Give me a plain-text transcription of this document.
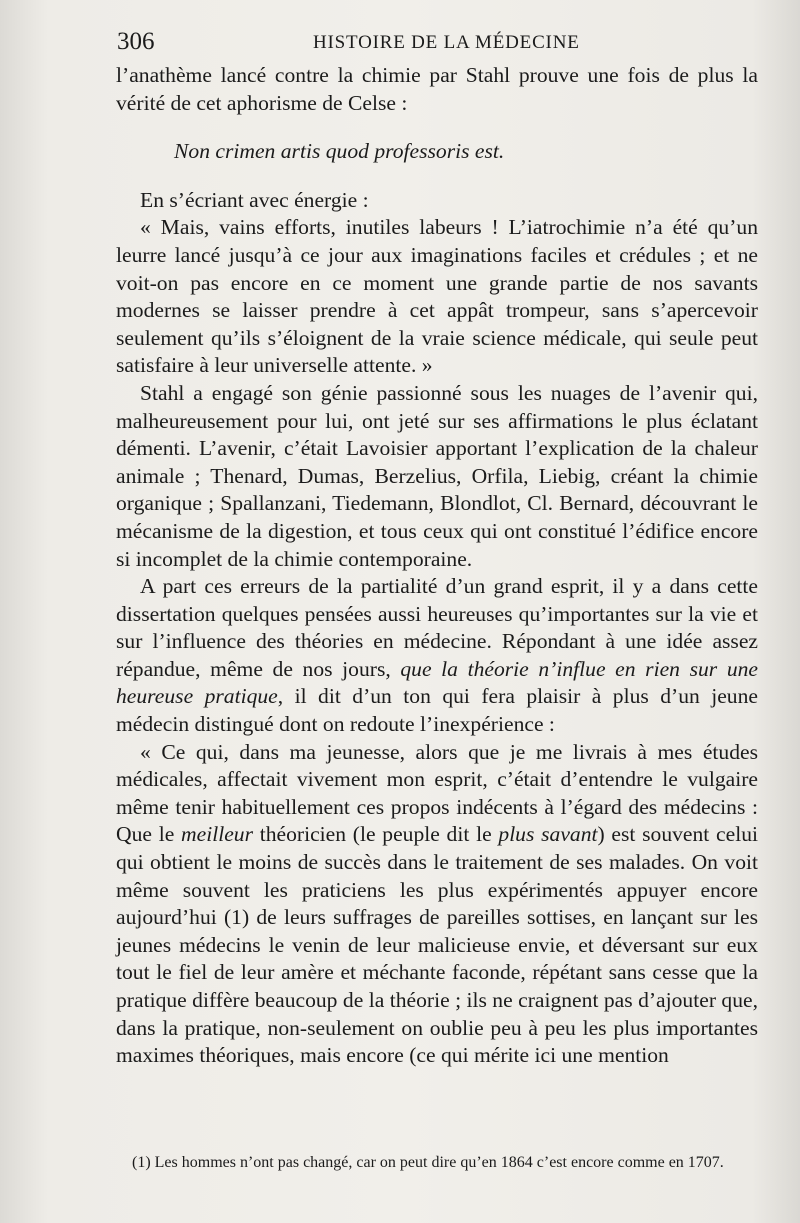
306	HISTOIRE DE LA MÉDECINE

l’anathème lancé contre la chimie par Stahl prouve une fois de plus la vérité de cet aphorisme de Celse :

Non crimen artis quod professoris est.

En s’écriant avec énergie :

« Mais, vains efforts, inutiles labeurs ! L’iatrochimie n’a été qu’un leurre lancé jusqu’à ce jour aux imaginations faciles et crédules ; et ne voit-on pas encore en ce moment une grande partie de nos savants modernes se laisser prendre à cet appât trompeur, sans s’apercevoir seulement qu’ils s’éloignent de la vraie science médicale, qui seule peut satisfaire à leur universelle attente. »

Stahl a engagé son génie passionné sous les nuages de l’avenir qui, malheureusement pour lui, ont jeté sur ses affirmations le plus éclatant démenti. L’avenir, c’était Lavoisier apportant l’explication de la chaleur animale ; Thenard, Dumas, Berzelius, Orfila, Liebig, créant la chimie organique ; Spallanzani, Tiedemann, Blondlot, Cl. Bernard, découvrant le mécanisme de la digestion, et tous ceux qui ont constitué l’édifice encore si incomplet de la chimie contemporaine.

A part ces erreurs de la partialité d’un grand esprit, il y a dans cette dissertation quelques pensées aussi heureuses qu’importantes sur la vie et sur l’influence des théories en médecine. Répondant à une idée assez répandue, même de nos jours, que la théorie n’influe en rien sur une heureuse pratique, il dit d’un ton qui fera plaisir à plus d’un jeune médecin distingué dont on redoute l’inexpérience :

« Ce qui, dans ma jeunesse, alors que je me livrais à mes études médicales, affectait vivement mon esprit, c’était d’entendre le vulgaire même tenir habituellement ces propos indécents à l’égard des médecins : Que le meilleur théoricien (le peuple dit le plus savant) est souvent celui qui obtient le moins de succès dans le traitement de ses malades. On voit même souvent les praticiens les plus expérimentés appuyer encore aujourd’hui (1) de leurs suffrages de pareilles sottises, en lançant sur les jeunes médecins le venin de leur malicieuse envie, et déversant sur eux tout le fiel de leur amère et méchante faconde, répétant sans cesse que la pratique diffère beaucoup de la théorie ; ils ne craignent pas d’ajouter que, dans la pratique, non-seulement on oublie peu à peu les plus importantes maximes théoriques, mais encore (ce qui mérite ici une mention

(1) Les hommes n’ont pas changé, car on peut dire qu’en 1864 c’est encore comme en 1707.
